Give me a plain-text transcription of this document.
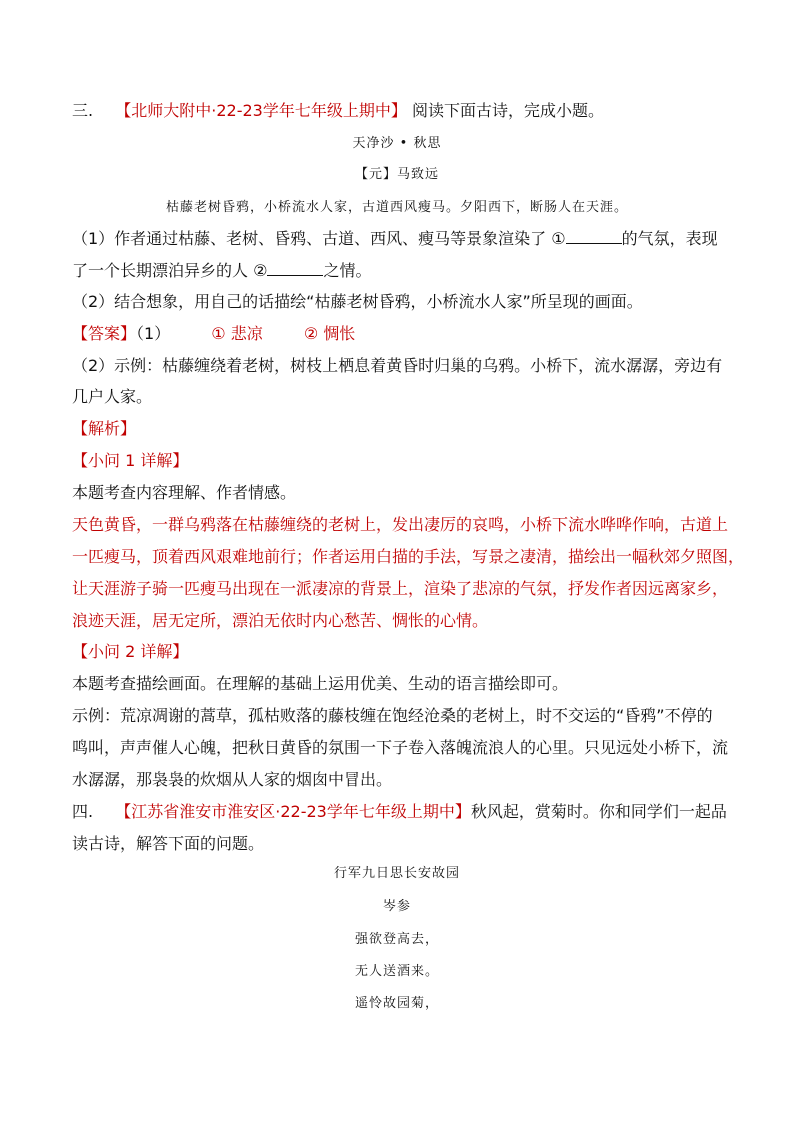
三. 【北师大附中·22-23学年七年级上期中】 阅读下面古诗，完成小题。
天净沙 • 秋思
【元】马致远
枯藤老树昏鸦，小桥流水人家，古道西风瘦马。夕阳西下，断肠人在天涯。
（1）作者通过枯藤、老树、昏鸦、古道、西风、瘦马等景象渲染了 ①	的气氛，表现
了一个长期漂泊异乡的人 ②	之情。
（2）结合想象，用自己的话描绘“枯藤老树昏鸦，小桥流水人家”所呈现的画面。
【答案】（1）	① 悲凉	② 惆怅
（2）示例：枯藤缠绕着老树，树枝上栖息着黄昏时归巢的乌鸦。小桥下，流水潺潺，旁边有
几户人家。
【解析】
【小问 1 详解】
本题考查内容理解、作者情感。
天色黄昏，一群乌鸦落在枯藤缠绕的老树上，发出凄厉的哀鸣，小桥下流水哗哗作响，古道上
一匹瘦马，顶着西风艰难地前行；作者运用白描的手法，写景之凄清，描绘出一幅秋郊夕照图，
让天涯游子骑一匹瘦马出现在一派凄凉的背景上，渲染了悲凉的气氛，抒发作者因远离家乡，
浪迹天涯，居无定所，漂泊无依时内心愁苦、惆怅的心情。
【小问 2 详解】
本题考查描绘画面。在理解的基础上运用优美、生动的语言描绘即可。
示例：荒凉凋谢的蒿草，孤枯败落的藤枝缠在饱经沧桑的老树上，时不交运的“昏鸦”不停的
鸣叫，声声催人心魄，把秋日黄昏的氛围一下子卷入落魄流浪人的心里。只见远处小桥下，流
水潺潺，那袅袅的炊烟从人家的烟囱中冒出。
四. 【江苏省淮安市淮安区·22-23学年七年级上期中】秋风起，赏菊时。你和同学们一起品
读古诗，解答下面的问题。
行军九日思长安故园
岑参
强欲登高去，
无人送酒来。
遥怜故园菊，
